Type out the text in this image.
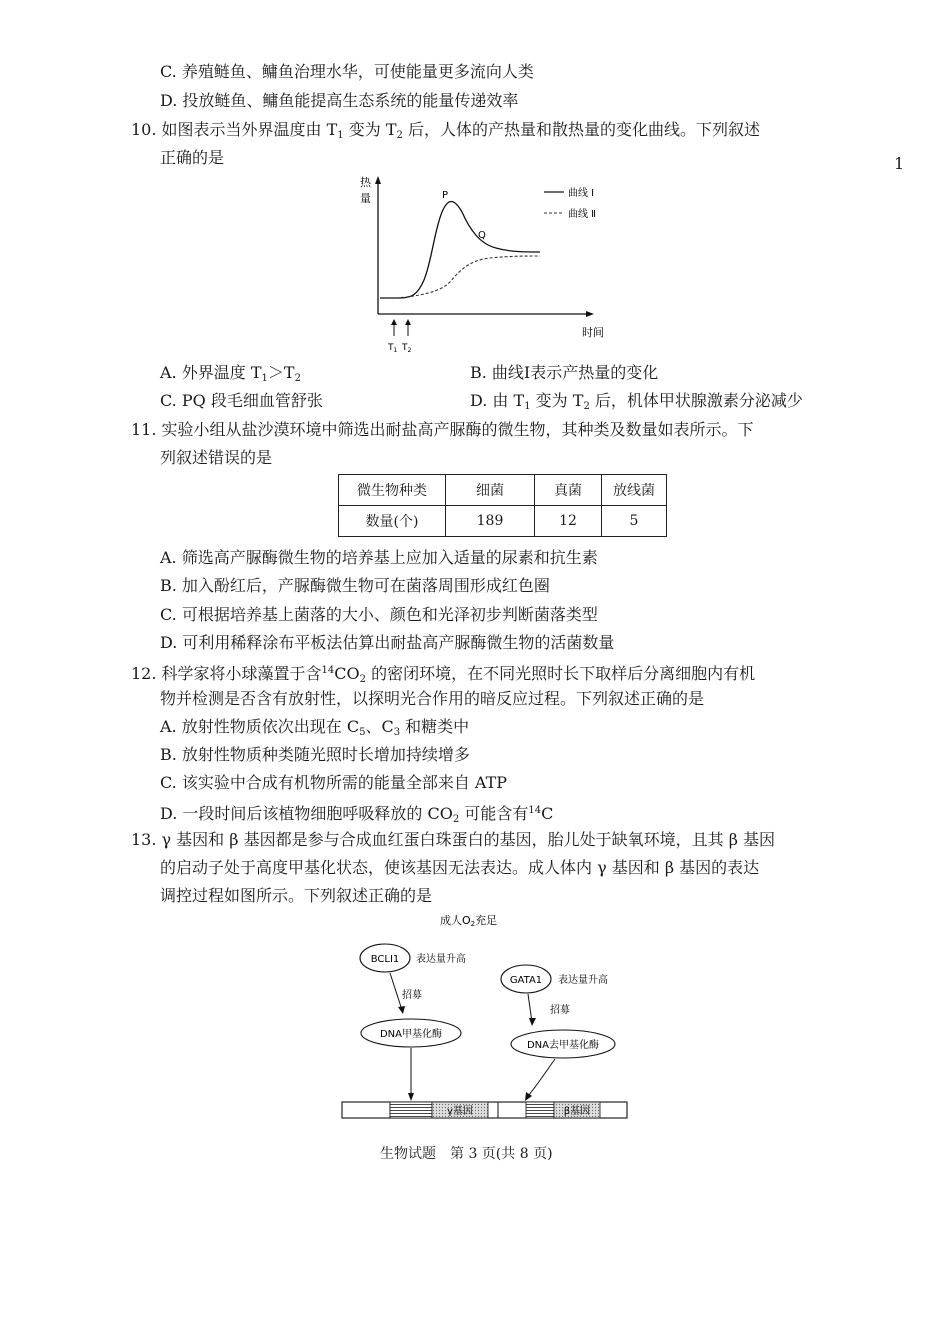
1
C. 养殖鲢鱼、鳙鱼治理水华，可使能量更多流向人类
D. 投放鲢鱼、鳙鱼能提高生态系统的能量传递效率
10. 如图表示当外界温度由 $T_1$ 变为 $T_2$ 后，人体的产热量和散热量的变化曲线。下列叙述
正确的是
热
量
时间
P
Q
曲线 Ⅰ
曲线 Ⅱ
$T_1$ $T_2$
A. 外界温度 $T_1>T_2$	B. 曲线Ⅰ表示产热量的变化
C. PQ 段毛细血管舒张	D. 由 $T_1$ 变为 $T_2$ 后，机体甲状腺激素分泌减少
11. 实验小组从盐沙漠环境中筛选出耐盐高产脲酶的微生物，其种类及数量如表所示。下
列叙述错误的是
微生物种类	细菌	真菌	放线菌
数量(个)	189	12	5
A. 筛选高产脲酶微生物的培养基上应加入适量的尿素和抗生素
B. 加入酚红后，产脲酶微生物可在菌落周围形成红色圈
C. 可根据培养基上菌落的大小、颜色和光泽初步判断菌落类型
D. 可利用稀释涂布平板法估算出耐盐高产脲酶微生物的活菌数量
12. 科学家将小球藻置于含$^{14}CO_2$ 的密闭环境，在不同光照时长下取样后分离细胞内有机
物并检测是否含有放射性，以探明光合作用的暗反应过程。下列叙述正确的是
A. 放射性物质依次出现在 $C_5$、$C_3$ 和糖类中
B. 放射性物质种类随光照时长增加持续增多
C. 该实验中合成有机物所需的能量全部来自 ATP
D. 一段时间后该植物细胞呼吸释放的 $CO_2$ 可能含有$^{14}$C
13. γ 基因和 β 基因都是参与合成血红蛋白珠蛋白的基因，胎儿处于缺氧环境，且其 β 基因
的启动子处于高度甲基化状态，使该基因无法表达。成人体内 γ 基因和 β 基因的表达
调控过程如图所示。下列叙述正确的是
成人O2充足
BCLI1 表达量升高
招募
DNA甲基化酶
GATA1 表达量升高
招募
DNA去甲基化酶
γ基因	β基因
生物试题　第 3 页(共 8 页)
